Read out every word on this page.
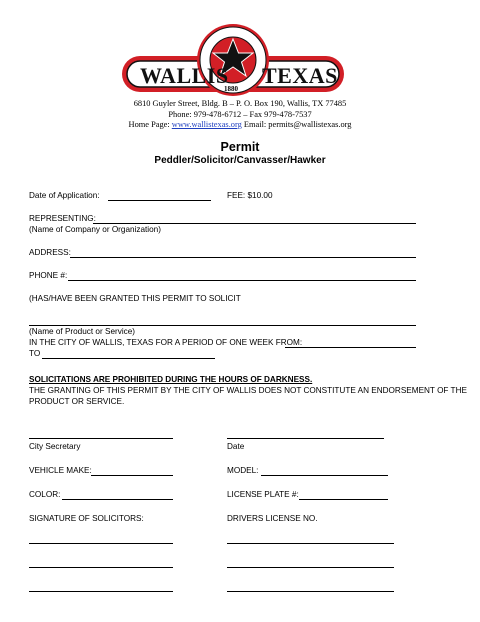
WALLIS TEXAS
1880
6810 Guyler Street, Bldg. B – P. O. Box 190, Wallis, TX 77485
Phone: 979-478-6712 – Fax 979-478-7537
Home Page: www.wallistexas.org Email: permits@wallistexas.org
Permit
Peddler/Solicitor/Canvasser/Hawker
Date of Application:	FEE: $10.00
REPRESENTING:
(Name of Company or Organization)
ADDRESS:
PHONE #:
(HAS/HAVE BEEN GRANTED THIS PERMIT TO SOLICIT
(Name of Product or Service)
IN THE CITY OF WALLIS, TEXAS FOR A PERIOD OF ONE WEEK FROM:
TO
SOLICITATIONS ARE PROHIBITED DURING THE HOURS OF DARKNESS.
THE GRANTING OF THIS PERMIT BY THE CITY OF WALLIS DOES NOT CONSTITUTE AN ENDORSEMENT OF THE
PRODUCT OR SERVICE.
City Secretary	Date
VEHICLE MAKE:	MODEL:
COLOR:	LICENSE PLATE #:
SIGNATURE OF SOLICITORS:	DRIVERS LICENSE NO.
